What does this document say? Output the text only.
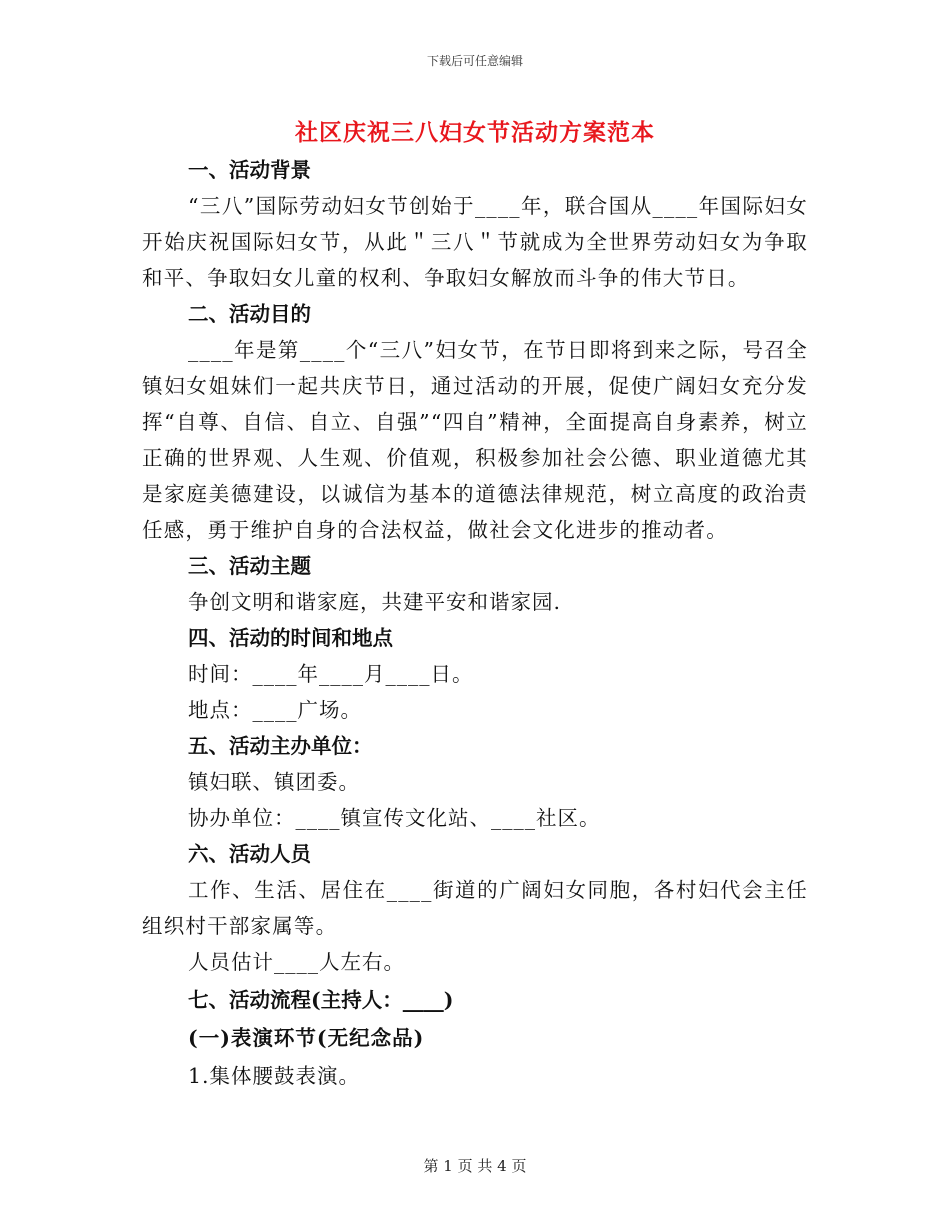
下载后可任意编辑
社区庆祝三八妇女节活动方案范本

一、活动背景

“三八”国际劳动妇女节创始于____年，联合国从____年国际妇女开始庆祝国际妇女节，从此＂三八＂节就成为全世界劳动妇女为争取和平、争取妇女儿童的权利、争取妇女解放而斗争的伟大节日。

二、活动目的

____年是第____个“三八”妇女节，在节日即将到来之际，号召全镇妇女姐妹们一起共庆节日，通过活动的开展，促使广阔妇女充分发挥“自尊、自信、自立、自强”“四自”精神，全面提高自身素养，树立正确的世界观、人生观、价值观，积极参加社会公德、职业道德尤其是家庭美德建设，以诚信为基本的道德法律规范，树立高度的政治责任感，勇于维护自身的合法权益，做社会文化进步的推动者。

三、活动主题

争创文明和谐家庭，共建平安和谐家园.

四、活动的时间和地点

时间：____年____月____日。

地点：____广场。

五、活动主办单位：

镇妇联、镇团委。

协办单位：____镇宣传文化站、____社区。

六、活动人员

工作、生活、居住在____街道的广阔妇女同胞，各村妇代会主任组织村干部家属等。

人员估计____人左右。

七、活动流程(主持人：____)

(一)表演环节(无纪念品)

1.集体腰鼓表演。

第 1 页 共 4 页
